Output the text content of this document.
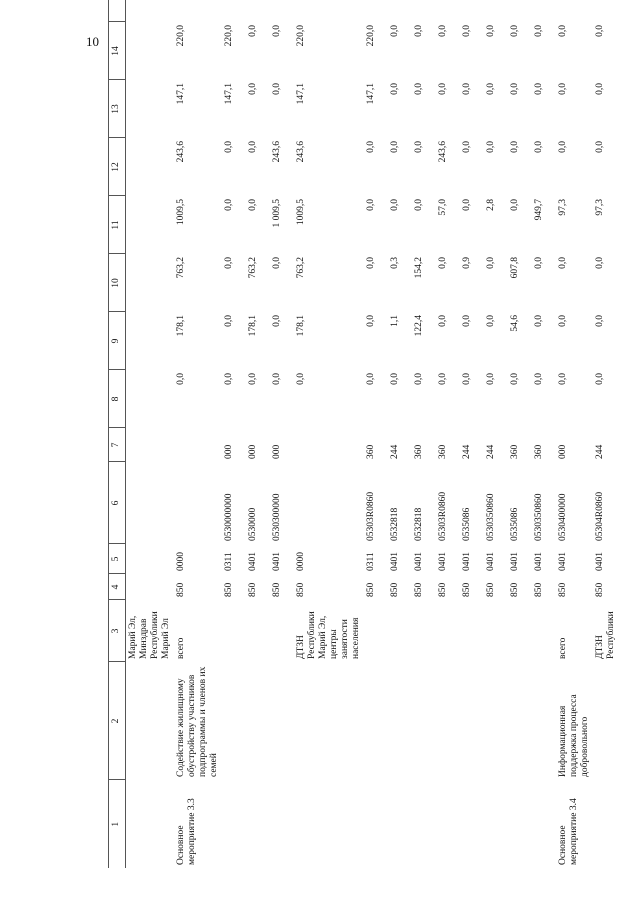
10
1	2	3	4	5	6	7	8	9	10	11	12	13	14	
		Марий Эл, Минздрав Республики Марий Эл												
Основное мероприятие 3.3	Содействие жилищному обустройству участников подпрограммы и членов их семей	всего	850	0000			0,0	178,1	763,2	1009,5	243,6	147,1	220,0	
			850	0311	0530000000	000	0,0	0,0	0,0	0,0	0,0	147,1	220,0	
			850	0401	0530000	000	0,0	178,1	763,2	0,0	0,0	0,0	0,0	
			850	0401	0530300000	000	0,0	0,0	0,0	1 009,5	243,6	0,0	0,0	
		ДТЗН Республики Марий Эл, центры занятости населения	850	0000			0,0	178,1	763,2	1009,5	243,6	147,1	220,0	
			850	0311	05303R0860	360	0,0	0,0	0,0	0,0	0,0	147,1	220,0	
			850	0401	0532818	244	0,0	1,1	0,3	0,0	0,0	0,0	0,0	
			850	0401	0532818	360	0,0	122,4	154,2	0,0	0,0	0,0	0,0	
			850	0401	05303R0860	360	0,0	0,0	0,0	57,0	243,6	0,0	0,0	
			850	0401	0535086	244	0,0	0,0	0,9	0,0	0,0	0,0	0,0	
			850	0401	0530350860	244	0,0	0,0	0,0	2,8	0,0	0,0	0,0	
			850	0401	0535086	360	0,0	54,6	607,8	0,0	0,0	0,0	0,0	
			850	0401	0530350860	360	0,0	0,0	0,0	949,7	0,0	0,0	0,0	
Основное мероприятие 3.4	Информационная поддержка процесса добровольного	всего	850	0401	0530400000	000	0,0	0,0	0,0	97,3	0,0	0,0	0,0	
		ДТЗН Республики	850	0401	05304R0860	244	0,0	0,0	0,0	97,3	0,0	0,0	0,0	
